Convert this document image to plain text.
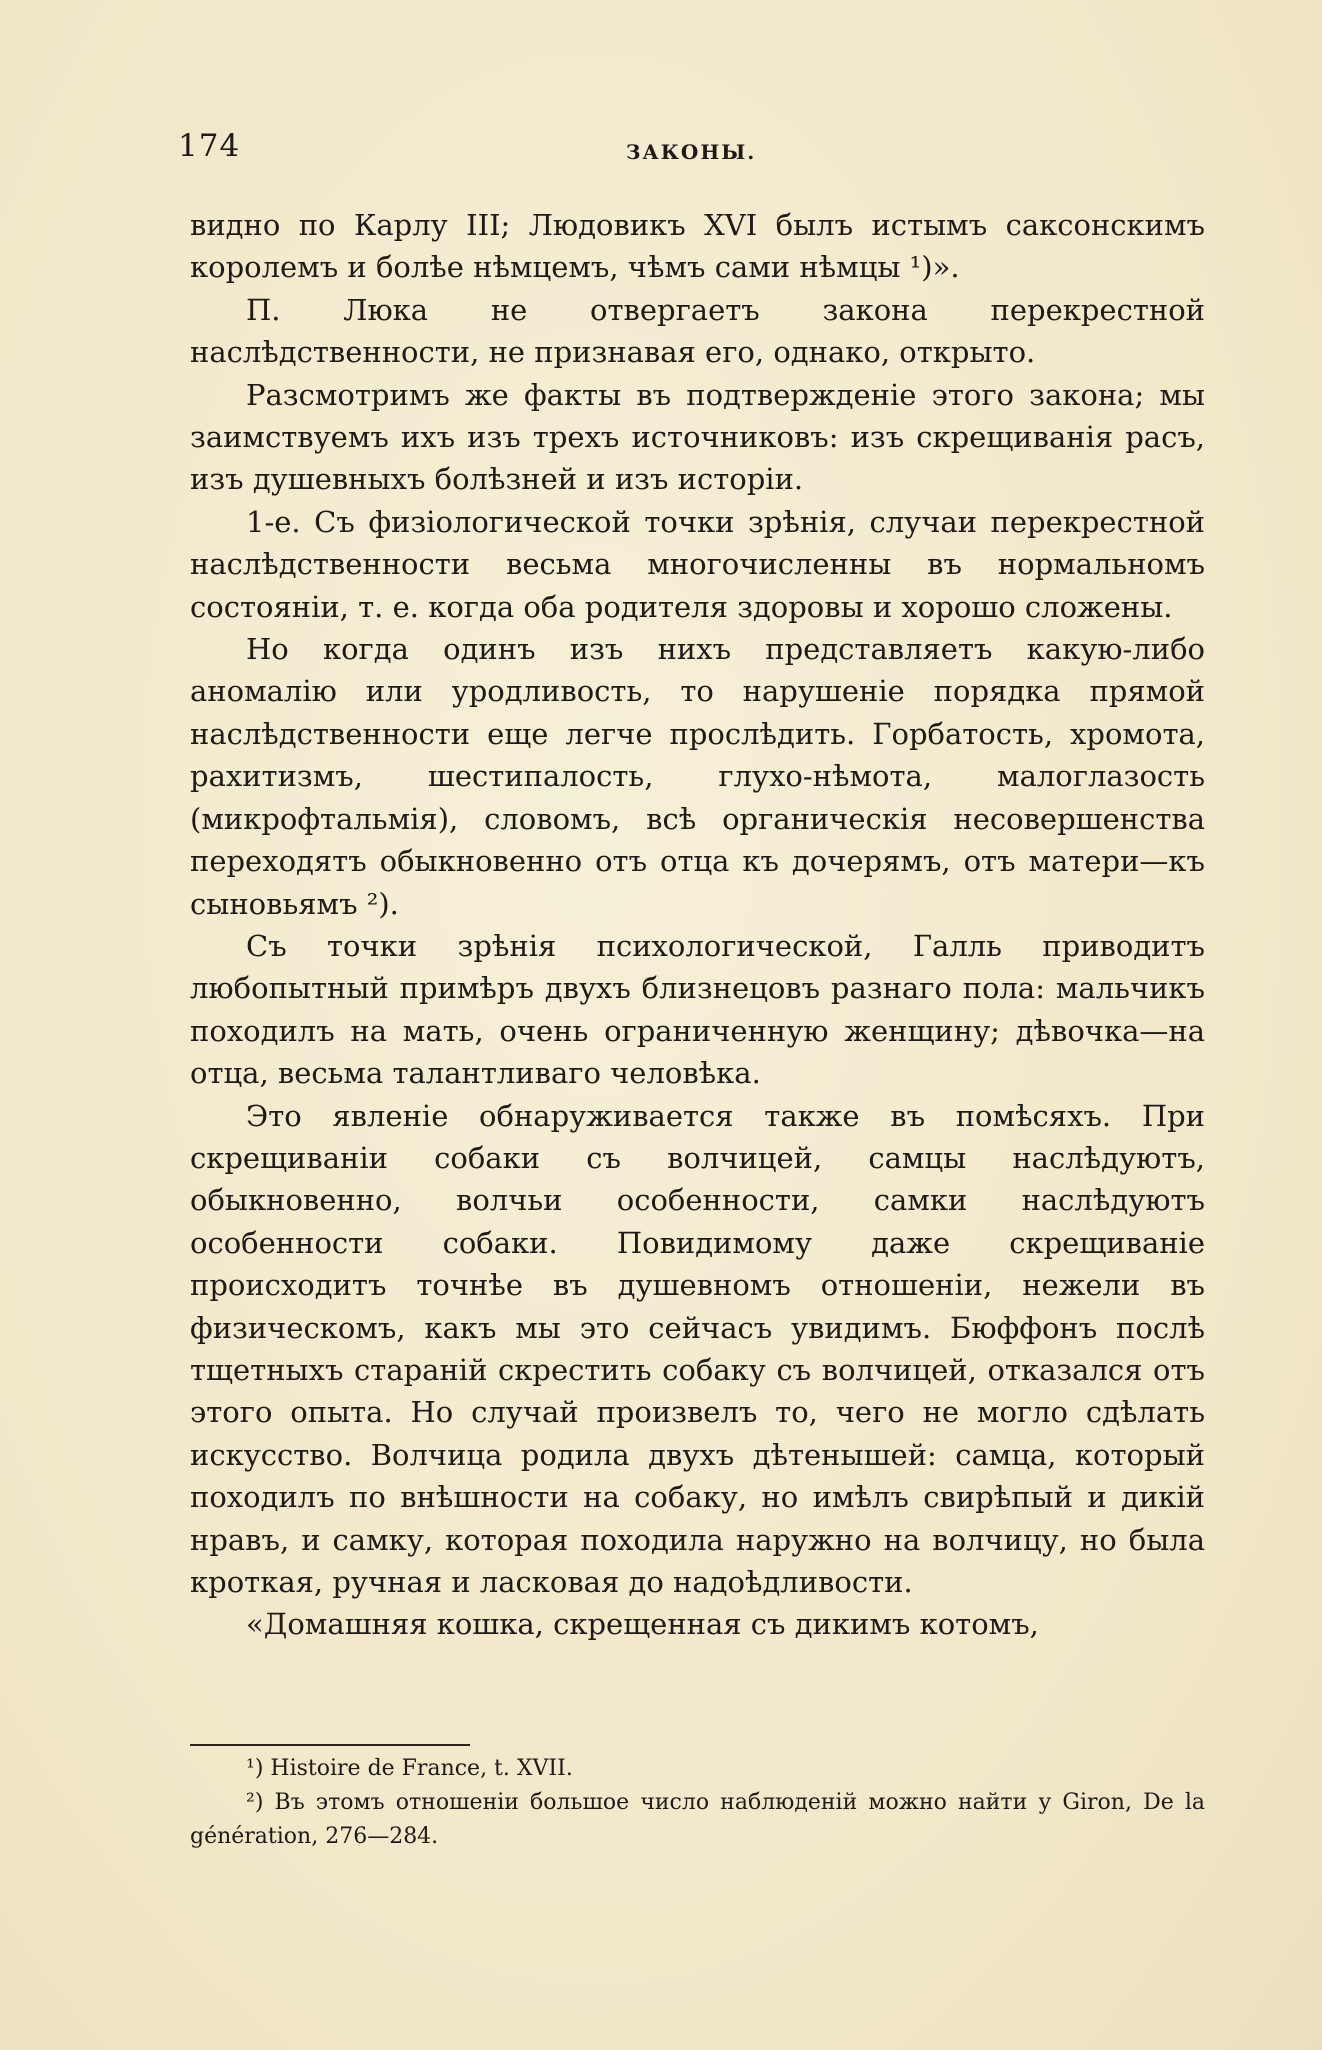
174	ЗАКОНЫ.

видно по Карлу III; Людовикъ XVI былъ истымъ саксонскимъ королемъ и болѣе нѣмцемъ, чѣмъ сами нѣмцы ¹)».

П. Люка не отвергаетъ закона перекрестной наслѣдственности, не признавая его, однако, открыто.

Разсмотримъ же факты въ подтвержденіе этого закона; мы заимствуемъ ихъ изъ трехъ источниковъ: изъ скрещиванія расъ, изъ душевныхъ болѣзней и изъ исторіи.

1-е. Съ физіологической точки зрѣнія, случаи перекрестной наслѣдственности весьма многочисленны въ нормальномъ состояніи, т. е. когда оба родителя здоровы и хорошо сложены.

Но когда одинъ изъ нихъ представляетъ какую-либо аномалію или уродливость, то нарушеніе порядка прямой наслѣдственности еще легче прослѣдить. Горбатость, хромота, рахитизмъ, шестипалость, глухо-нѣмота, малоглазость (микрофтальмія), словомъ, всѣ органическія несовершенства переходятъ обыкновенно отъ отца къ дочерямъ, отъ матери—къ сыновьямъ ²).

Съ точки зрѣнія психологической, Галль приводитъ любопытный примѣръ двухъ близнецовъ разнаго пола: мальчикъ походилъ на мать, очень ограниченную женщину; дѣвочка—на отца, весьма талантливаго человѣка.

Это явленіе обнаруживается также въ помѣсяхъ. При скрещиваніи собаки съ волчицей, самцы наслѣдуютъ, обыкновенно, волчьи особенности, самки наслѣдуютъ особенности собаки. Повидимому даже скрещиваніе происходитъ точнѣе въ душевномъ отношеніи, нежели въ физическомъ, какъ мы это сейчасъ увидимъ. Бюффонъ послѣ тщетныхъ стараній скрестить собаку съ волчицей, отказался отъ этого опыта. Но случай произвелъ то, чего не могло сдѣлать искусство. Волчица родила двухъ дѣтенышей: самца, который походилъ по внѣшности на собаку, но имѣлъ свирѣпый и дикій нравъ, и самку, которая походила наружно на волчицу, но была кроткая, ручная и ласковая до надоѣдливости.

«Домашняя кошка, скрещенная съ дикимъ котомъ,

¹) Histoire de France, t. XVII.

²) Въ этомъ отношеніи большое число наблюденій можно найти у Giron, De la génération, 276—284.
